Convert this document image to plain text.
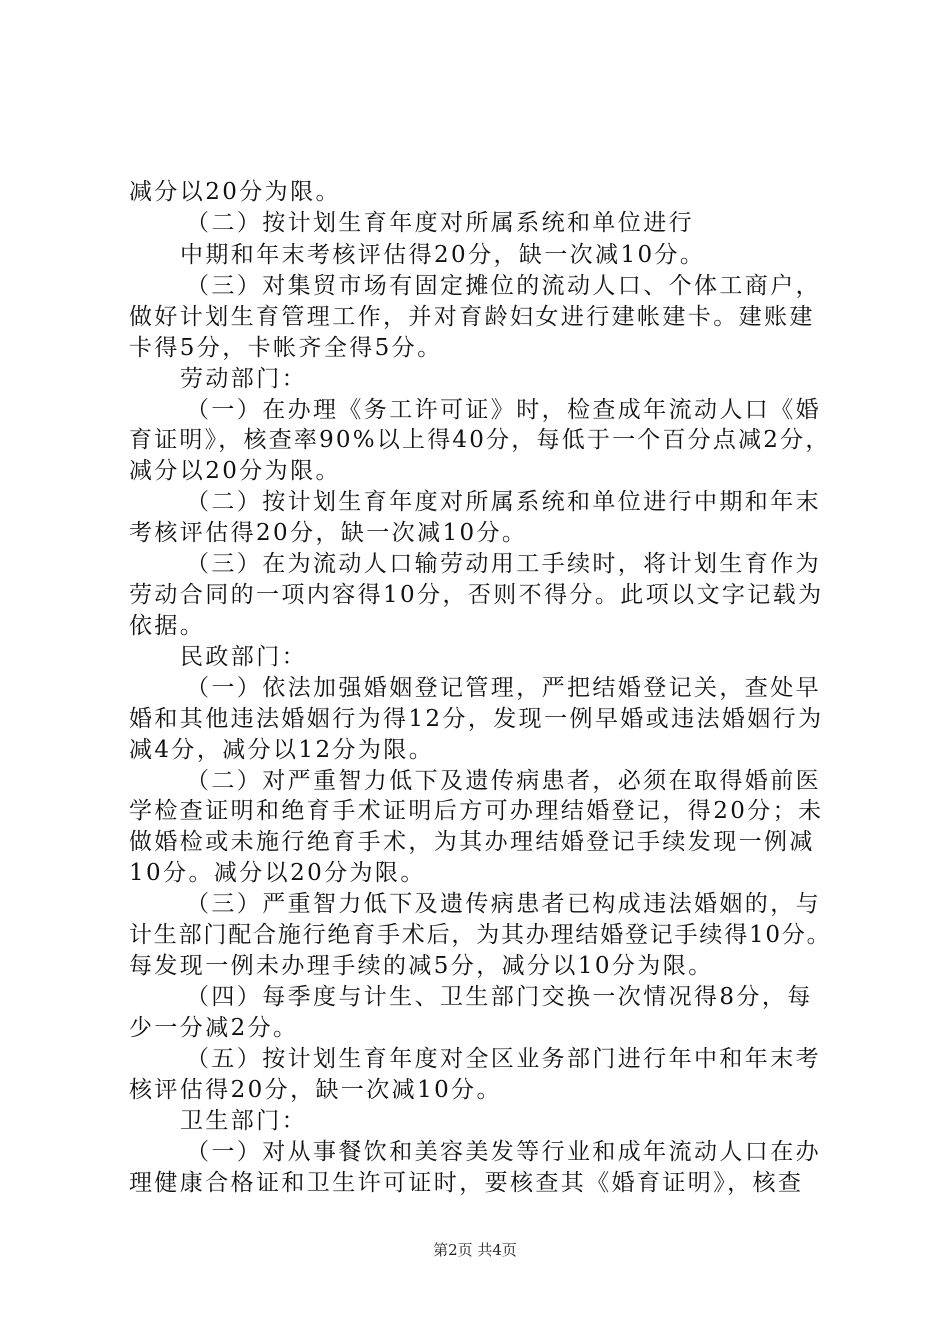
减分以20分为限。
（二）按计划生育年度对所属系统和单位进行
中期和年末考核评估得20分，缺一次减10分。
（三）对集贸市场有固定摊位的流动人口、个体工商户，
做好计划生育管理工作，并对育龄妇女进行建帐建卡。建账建
卡得5分，卡帐齐全得5分。
劳动部门：
（一）在办理《务工许可证》时，检查成年流动人口《婚
育证明》，核查率90%以上得40分，每低于一个百分点减2分，
减分以20分为限。
（二）按计划生育年度对所属系统和单位进行中期和年末
考核评估得20分，缺一次减10分。
（三）在为流动人口输劳动用工手续时，将计划生育作为
劳动合同的一项内容得10分，否则不得分。此项以文字记载为
依据。
民政部门：
（一）依法加强婚姻登记管理，严把结婚登记关，查处早
婚和其他违法婚姻行为得12分，发现一例早婚或违法婚姻行为
减4分，减分以12分为限。
（二）对严重智力低下及遗传病患者，必须在取得婚前医
学检查证明和绝育手术证明后方可办理结婚登记，得20分；未
做婚检或未施行绝育手术，为其办理结婚登记手续发现一例减
10分。减分以20分为限。
（三）严重智力低下及遗传病患者已构成违法婚姻的，与
计生部门配合施行绝育手术后，为其办理结婚登记手续得10分。
每发现一例未办理手续的减5分，减分以10分为限。
（四）每季度与计生、卫生部门交换一次情况得8分，每
少一分减2分。
（五）按计划生育年度对全区业务部门进行年中和年末考
核评估得20分，缺一次减10分。
卫生部门：
（一）对从事餐饮和美容美发等行业和成年流动人口在办
理健康合格证和卫生许可证时，要核查其《婚育证明》，核查
第2页 共4页
